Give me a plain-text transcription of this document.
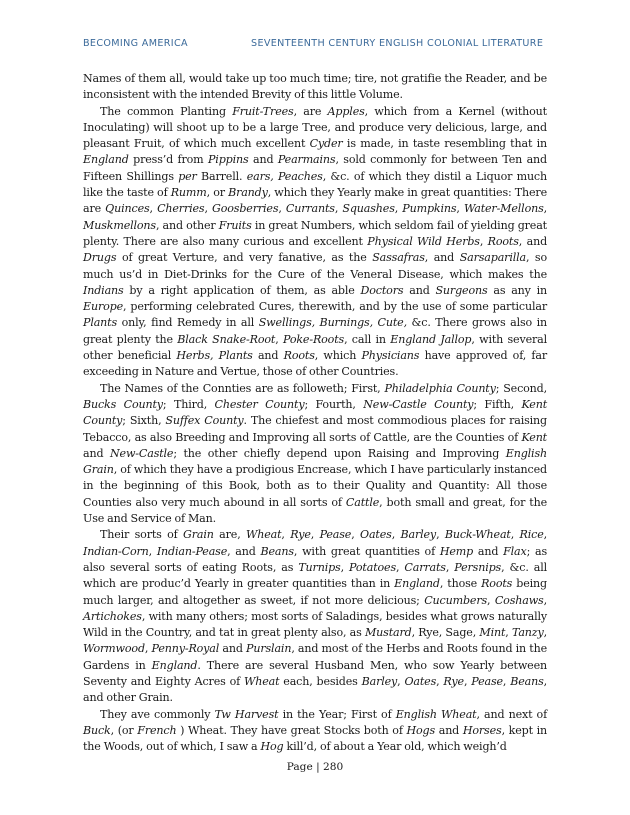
BECOMING AMERICA	SEVENTEENTH CENTURY ENGLISH COLONIAL LITERATURE

Names of them all, would take up too much time; tire, not gratifie the Reader, and be inconsistent with the intended Brevity of this little Volume.

The common Planting Fruit-Trees, are Apples, which from a Kernel (without Inoculating) will shoot up to be a large Tree, and produce very delicious, large, and pleasant Fruit, of which much excellent Cyder is made, in taste resembling that in England press’d from Pippins and Pearmains, sold commonly for between Ten and Fifteen Shillings per Barrell. ears, Peaches, &c. of which they distil a Liquor much like the taste of Rumm, or Brandy, which they Yearly make in great quantities: There are Quinces, Cherries, Goosberries, Currants, Squashes, Pumpkins, Water-Mellons, Muskmellons, and other Fruits in great Numbers, which seldom fail of yielding great plenty. There are also many curious and excellent Physical Wild Herbs, Roots, and Drugs of great Verture, and very fanative, as the Sassafras, and Sarsaparilla, so much us’d in Diet-Drinks for the Cure of the Veneral Disease, which makes the Indians by a right application of them, as able Doctors and Surgeons as any in Europe, performing celebrated Cures, therewith, and by the use of some particular Plants only, find Remedy in all Swellings, Burnings, Cute, &c. There grows also in great plenty the Black Snake-Root, Poke-Roots, call in England Jallop, with several other beneficial Herbs, Plants and Roots, which Physicians have approved of, far exceeding in Nature and Vertue, those of other Countries.

The Names of the Connties are as followeth; First, Philadelphia County; Second, Bucks County; Third, Chester County; Fourth, New-Castle County; Fifth, Kent County; Sixth, Suffex County. The chiefest and most commodious places for raising Tebacco, as also Breeding and Improving all sorts of Cattle, are the Counties of Kent and New-Castle; the other chiefly depend upon Raising and Improving English Grain, of which they have a prodigious Encrease, which I have particularly instanced in the beginning of this Book, both as to their Quality and Quantity: All those Counties also very much abound in all sorts of Cattle, both small and great, for the Use and Service of Man.

Their sorts of Grain are, Wheat, Rye, Pease, Oates, Barley, Buck-Wheat, Rice, Indian-Corn, Indian-Pease, and Beans, with great quantities of Hemp and Flax; as also several sorts of eating Roots, as Turnips, Potatoes, Carrats, Persnips, &c. all which are produc’d Yearly in greater quantities than in England, those Roots being much larger, and altogether as sweet, if not more delicious; Cucumbers, Coshaws, Artichokes, with many others; most sorts of Saladings, besides what grows naturally Wild in the Country, and tat in great plenty also, as Mustard, Rye, Sage, Mint, Tanzy, Wormwood, Penny-Royal and Purslain, and most of the Herbs and Roots found in the Gardens in England. There are several Husband Men, who sow Yearly between Seventy and Eighty Acres of Wheat each, besides Barley, Oates, Rye, Pease, Beans, and other Grain.

They ave commonly Tw Harvest in the Year; First of English Wheat, and next of Buck, (or French ) Wheat. They have great Stocks both of Hogs and Horses, kept in the Woods, out of which, I saw a Hog kill’d, of about a Year old, which weigh’d

Page | 280
